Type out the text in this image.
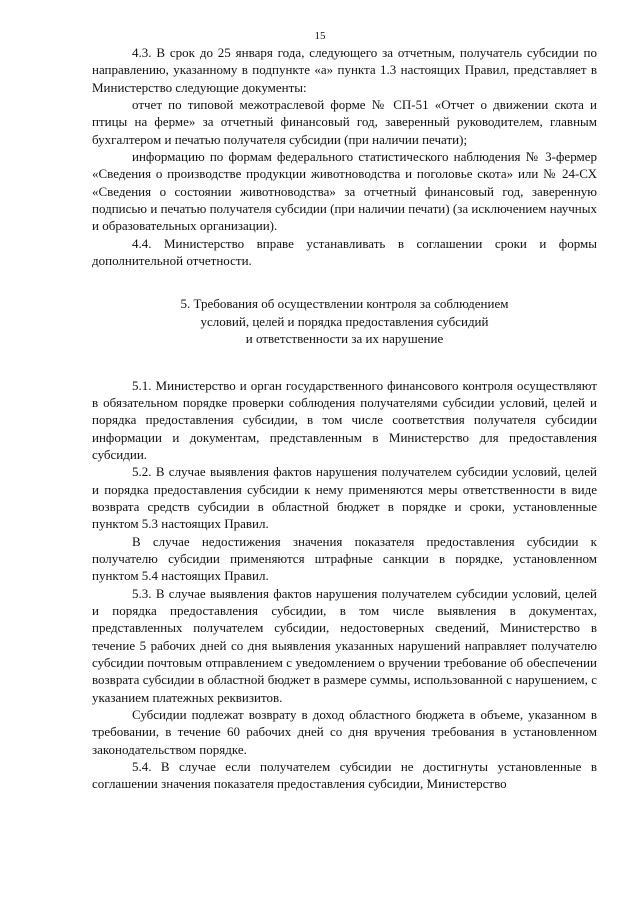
15

4.3. В срок до 25 января года, следующего за отчетным, получатель субсидии по направлению, указанному в подпункте «а» пункта 1.3 настоящих Правил, представляет в Министерство следующие документы:

отчет по типовой межотраслевой форме № СП-51 «Отчет о движении скота и птицы на ферме» за отчетный финансовый год, заверенный руководителем, главным бухгалтером и печатью получателя субсидии (при наличии печати);

информацию по формам федерального статистического наблюдения № 3-фермер «Сведения о производстве продукции животноводства и поголовье скота» или № 24-СХ «Сведения о состоянии животноводства» за отчетный финансовый год, заверенную подписью и печатью получателя субсидии (при наличии печати) (за исключением научных и образовательных организации).

4.4. Министерство вправе устанавливать в соглашении сроки и формы дополнительной отчетности.

5. Требования об осуществлении контроля за соблюдением
условий, целей и порядка предоставления субсидий
и ответственности за их нарушение

5.1. Министерство и орган государственного финансового контроля осуществляют в обязательном порядке проверки соблюдения получателями субсидии условий, целей и порядка предоставления субсидии, в том числе соответствия получателя субсидии информации и документам, представленным в Министерство для предоставления субсидии.

5.2. В случае выявления фактов нарушения получателем субсидии условий, целей и порядка предоставления субсидии к нему применяются меры ответственности в виде возврата средств субсидии в областной бюджет в порядке и сроки, установленные пунктом 5.3 настоящих Правил.

В случае недостижения значения показателя предоставления субсидии к получателю субсидии применяются штрафные санкции в порядке, установленном пунктом 5.4 настоящих Правил.

5.3. В случае выявления фактов нарушения получателем субсидии условий, целей и порядка предоставления субсидии, в том числе выявления в документах, представленных получателем субсидии, недостоверных сведений, Министерство в течение 5 рабочих дней со дня выявления указанных нарушений направляет получателю субсидии почтовым отправлением с уведомлением о вручении требование об обеспечении возврата субсидии в областной бюджет в размере суммы, использованной с нарушением, с указанием платежных реквизитов.

Субсидии подлежат возврату в доход областного бюджета в объеме, указанном в требовании, в течение 60 рабочих дней со дня вручения требования в установленном законодательством порядке.

5.4. В случае если получателем субсидии не достигнуты установленные в соглашении значения показателя предоставления субсидии, Министерство
